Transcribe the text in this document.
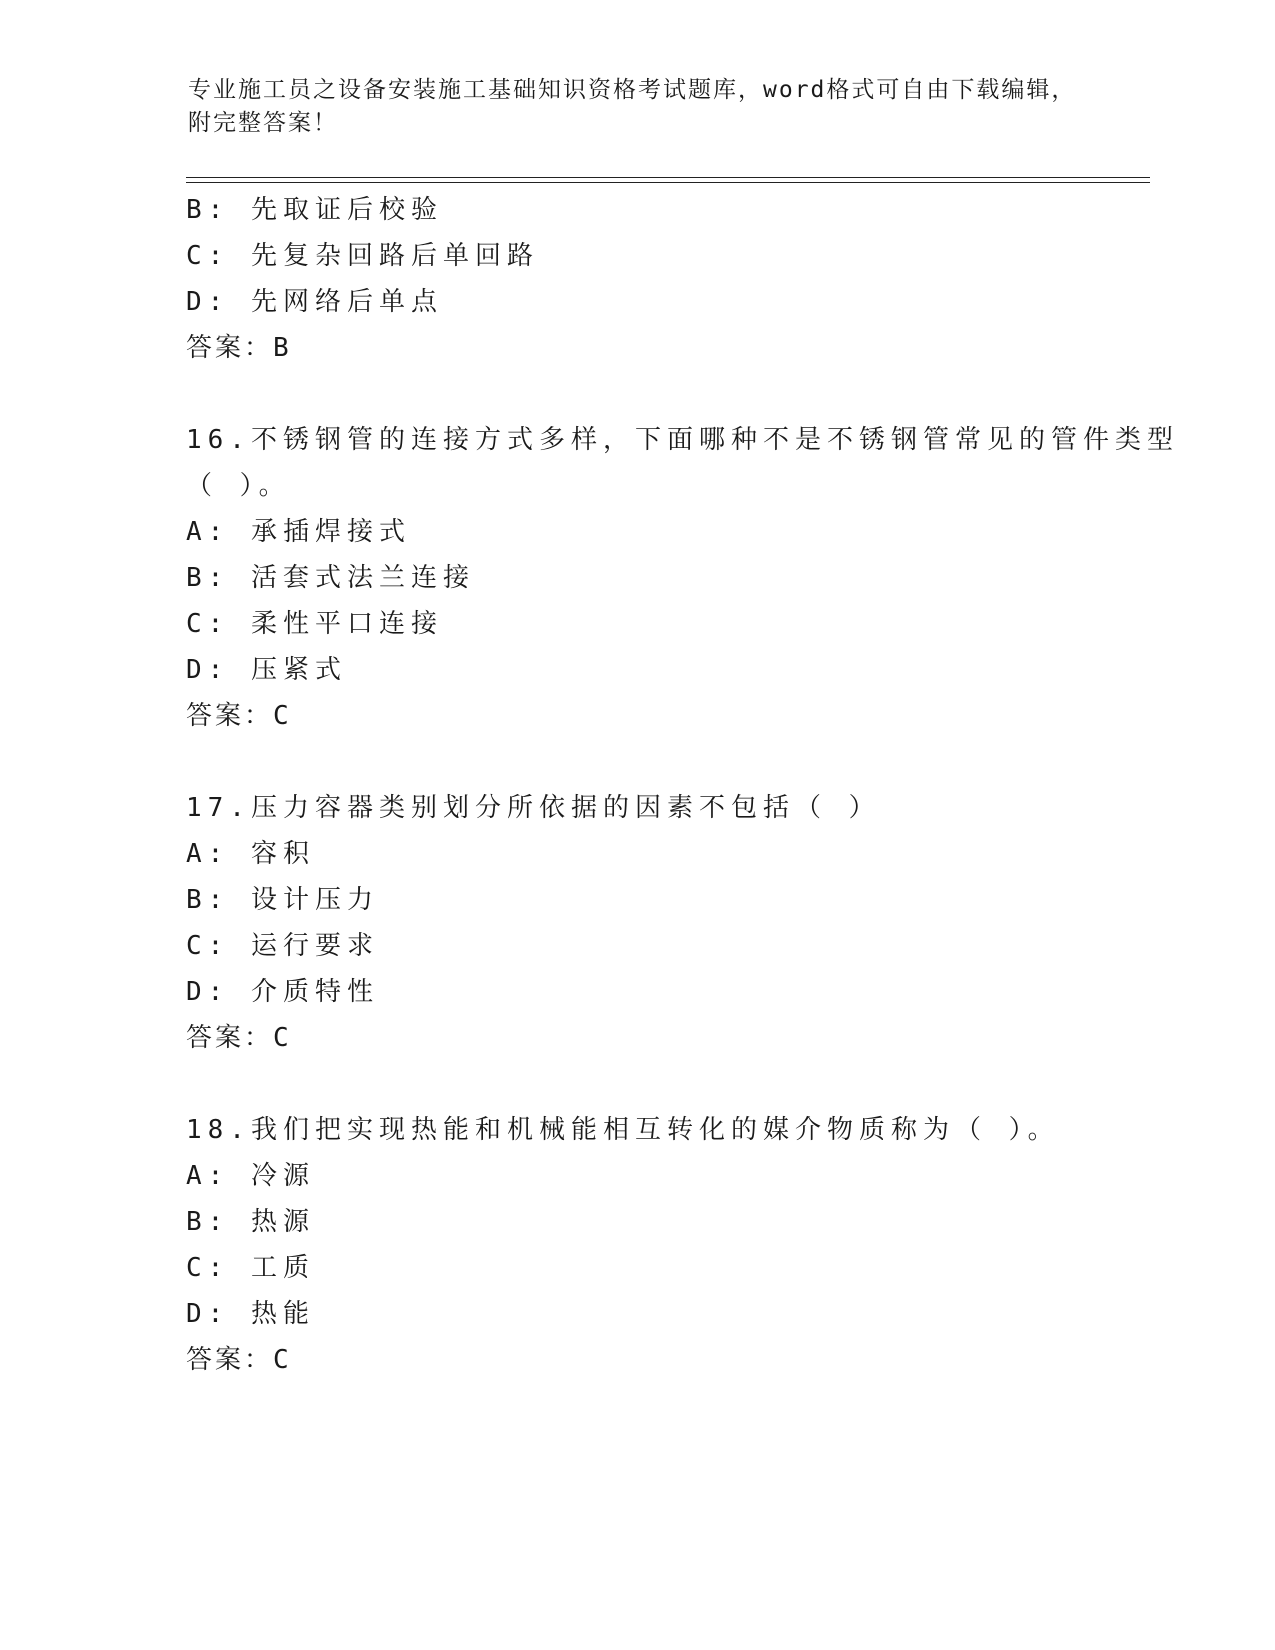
专业施工员之设备安装施工基础知识资格考试题库，word格式可自由下载编辑，
附完整答案！
B: 先取证后校验
C: 先复杂回路后单回路
D: 先网络后单点
答案：B
16.不锈钢管的连接方式多样，下面哪种不是不锈钢管常见的管件类型
（ ）。
A: 承插焊接式
B: 活套式法兰连接
C: 柔性平口连接
D: 压紧式
答案：C
17.压力容器类别划分所依据的因素不包括（ ）
A: 容积
B: 设计压力
C: 运行要求
D: 介质特性
答案：C
18.我们把实现热能和机械能相互转化的媒介物质称为（ ）。
A: 冷源
B: 热源
C: 工质
D: 热能
答案：C
